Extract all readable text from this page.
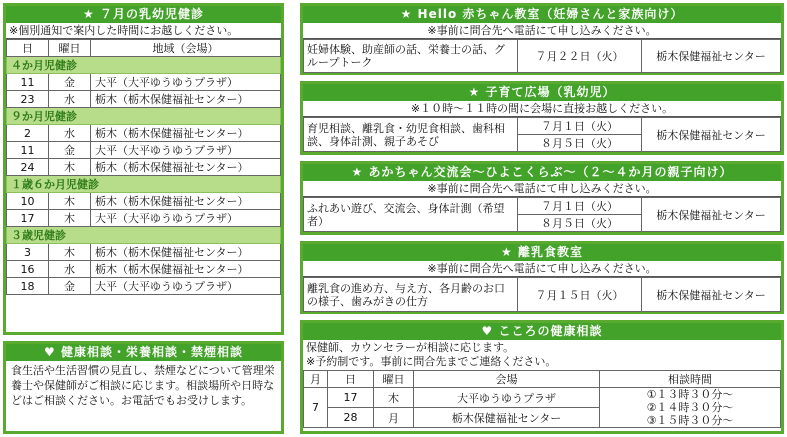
★ ７月の乳幼児健診
※個別通知で案内した時間にお越しください。
日	曜日	地域（会場）
４か月児健診		
11	金	大平（大平ゆうゆうプラザ）
23	水	栃木（栃木保健福祉センター）
９か月児健診		
2	水	栃木（栃木保健福祉センター）
11	金	大平（大平ゆうゆうプラザ）
24	木	栃木（栃木保健福祉センター）
１歳６か月児健診		
10	木	栃木（栃木保健福祉センター）
17	木	大平（大平ゆうゆうプラザ）
３歳児健診		
3	木	栃木（栃木保健福祉センター）
16	水	栃木（栃木保健福祉センター）
18	金	大平（大平ゆうゆうプラザ）
♥ 健康相談・栄養相談・禁煙相談
食生活や生活習慣の見直し、禁煙などについて管理栄養士や保健師がご相談に応じます。相談場所や日時などはご相談ください。お電話でもお受けします。
★ Hello 赤ちゃん教室（妊婦さんと家族向け）
※事前に問合先へ電話にて申し込みください。
妊婦体験、助産師の話、栄養士の話、グループトーク	７月２２日（火）	栃木保健福祉センター
★ 子育て広場（乳幼児）
※１０時～１１時の間に会場に直接お越しください。
育児相談、離乳食・幼児食相談、歯科相談、身体計測、親子あそび	７月１日（火）	栃木保健福祉センター
８月５日（火）
★ あかちゃん交流会～ひよこくらぶ～（２～４か月の親子向け）
※事前に問合先へ電話にて申し込みください。
ふれあい遊び、交流会、身体計測（希望者）	７月１日（火）	栃木保健福祉センター
８月５日（火）
★ 離乳食教室
※事前に問合先へ電話にて申し込みください。
離乳食の進め方、与え方、各月齢のお口の様子、歯みがきの仕方	７月１５日（火）	栃木保健福祉センター
♥ こころの健康相談
保健師、カウンセラーが相談に応じます。
※予約制です。事前に問合先までご連絡ください。
月	日	曜日	会場	相談時間
7	17	木	大平ゆうゆうプラザ	①１３時３０分～
②１４時３０分～
③１５時３０分～

	28	月	栃木保健福祉センター	
